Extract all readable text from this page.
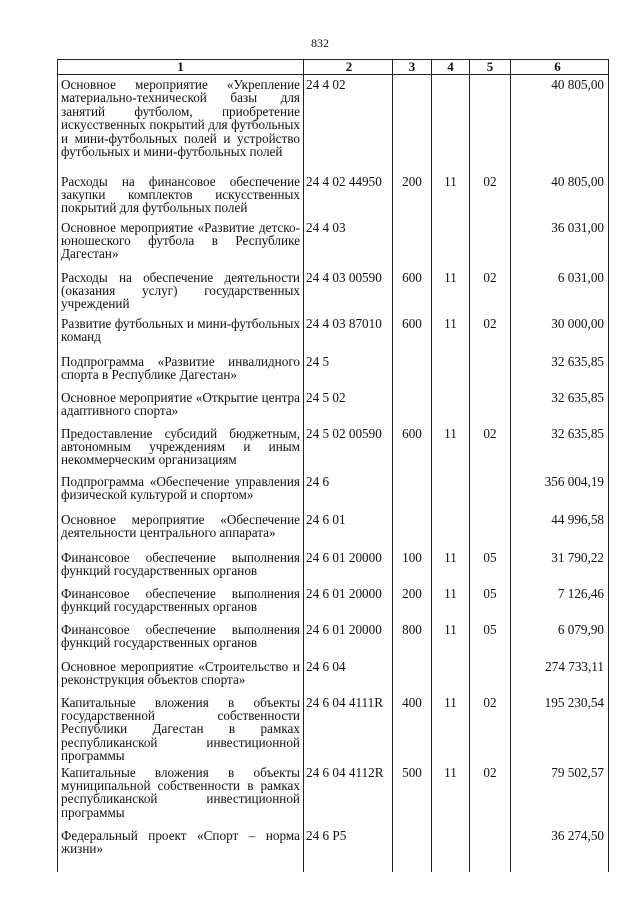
832
1	2	3	4	5	6
Основное мероприятие «Укрепление материально-технической базы для занятий футболом, приобретение искусственных покрытий для футбольных и мини-футбольных полей и устройство футбольных и мини-футбольных полей	24 4 02				40 805,00
Расходы на финансовое обеспечение закупки комплектов искусственных покрытий для футбольных полей	24 4 02 44950	200	11	02	40 805,00
Основное мероприятие «Развитие детско-юношеского футбола в Республике Дагестан»	24 4 03				36 031,00
Расходы на обеспечение деятельности (оказания услуг) государственных учреждений	24 4 03 00590	600	11	02	6 031,00
Развитие футбольных и мини-футбольных команд	24 4 03 87010	600	11	02	30 000,00
Подпрограмма «Развитие инвалидного спорта в Республике Дагестан»	24 5				32 635,85
Основное мероприятие «Открытие центра адаптивного спорта»	24 5 02				32 635,85
Предоставление субсидий бюджетным, автономным учреждениям и иным некоммерческим организациям	24 5 02 00590	600	11	02	32 635,85
Подпрограмма «Обеспечение управления физической культурой и спортом»	24 6				356 004,19
Основное мероприятие «Обеспечение деятельности центрального аппарата»	24 6 01				44 996,58
Финансовое обеспечение выполнения функций государственных органов	24 6 01 20000	100	11	05	31 790,22
Финансовое обеспечение выполнения функций государственных органов	24 6 01 20000	200	11	05	7 126,46
Финансовое обеспечение выполнения функций государственных органов	24 6 01 20000	800	11	05	6 079,90
Основное мероприятие «Строительство и реконструкция объектов спорта»	24 6 04				274 733,11
Капитальные вложения в объекты государственной собственности Республики Дагестан в рамках республиканской инвестиционной программы	24 6 04 4111R	400	11	02	195 230,54
Капитальные вложения в объекты муниципальной собственности в рамках республиканской инвестиционной программы	24 6 04 4112R	500	11	02	79 502,57
Федеральный проект «Спорт – норма жизни»	24 6 P5				36 274,50
